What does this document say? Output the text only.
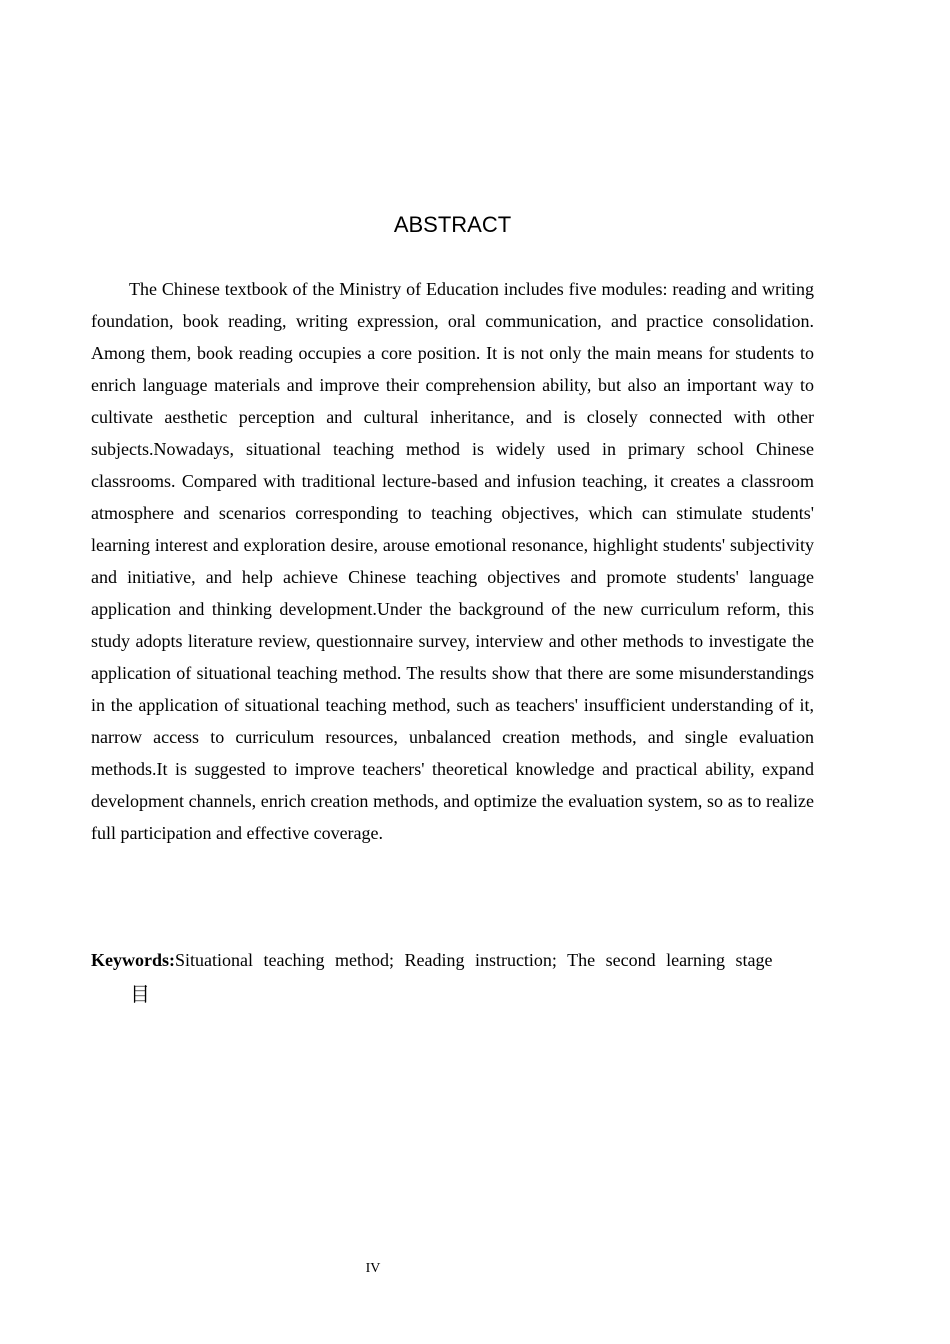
ABSTRACT

The Chinese textbook of the Ministry of Education includes five modules: reading and writing foundation, book reading, writing expression, oral communication, and practice consolidation. Among them, book reading occupies a core position. It is not only the main means for students to enrich language materials and improve their comprehension ability, but also an important way to cultivate aesthetic perception and cultural inheritance, and is closely connected with other subjects.Nowadays, situational teaching method is widely used in primary school Chinese classrooms. Compared with traditional lecture-based and infusion teaching, it creates a classroom atmosphere and scenarios corresponding to teaching objectives, which can stimulate students' learning interest and exploration desire, arouse emotional resonance, highlight students' subjectivity and initiative, and help achieve Chinese teaching objectives and promote students' language application and thinking development.Under the background of the new curriculum reform, this study adopts literature review, questionnaire survey, interview and other methods to investigate the application of situational teaching method. The results show that there are some misunderstandings in the application of situational teaching method, such as teachers' insufficient understanding of it, narrow access to curriculum resources, unbalanced creation methods, and single evaluation methods.It is suggested to improve teachers' theoretical knowledge and practical ability, expand development channels, enrich creation methods, and optimize the evaluation system, so as to realize full participation and effective coverage.

Keywords:Situational teaching method; Reading instruction; The second learning stage

目
IV
